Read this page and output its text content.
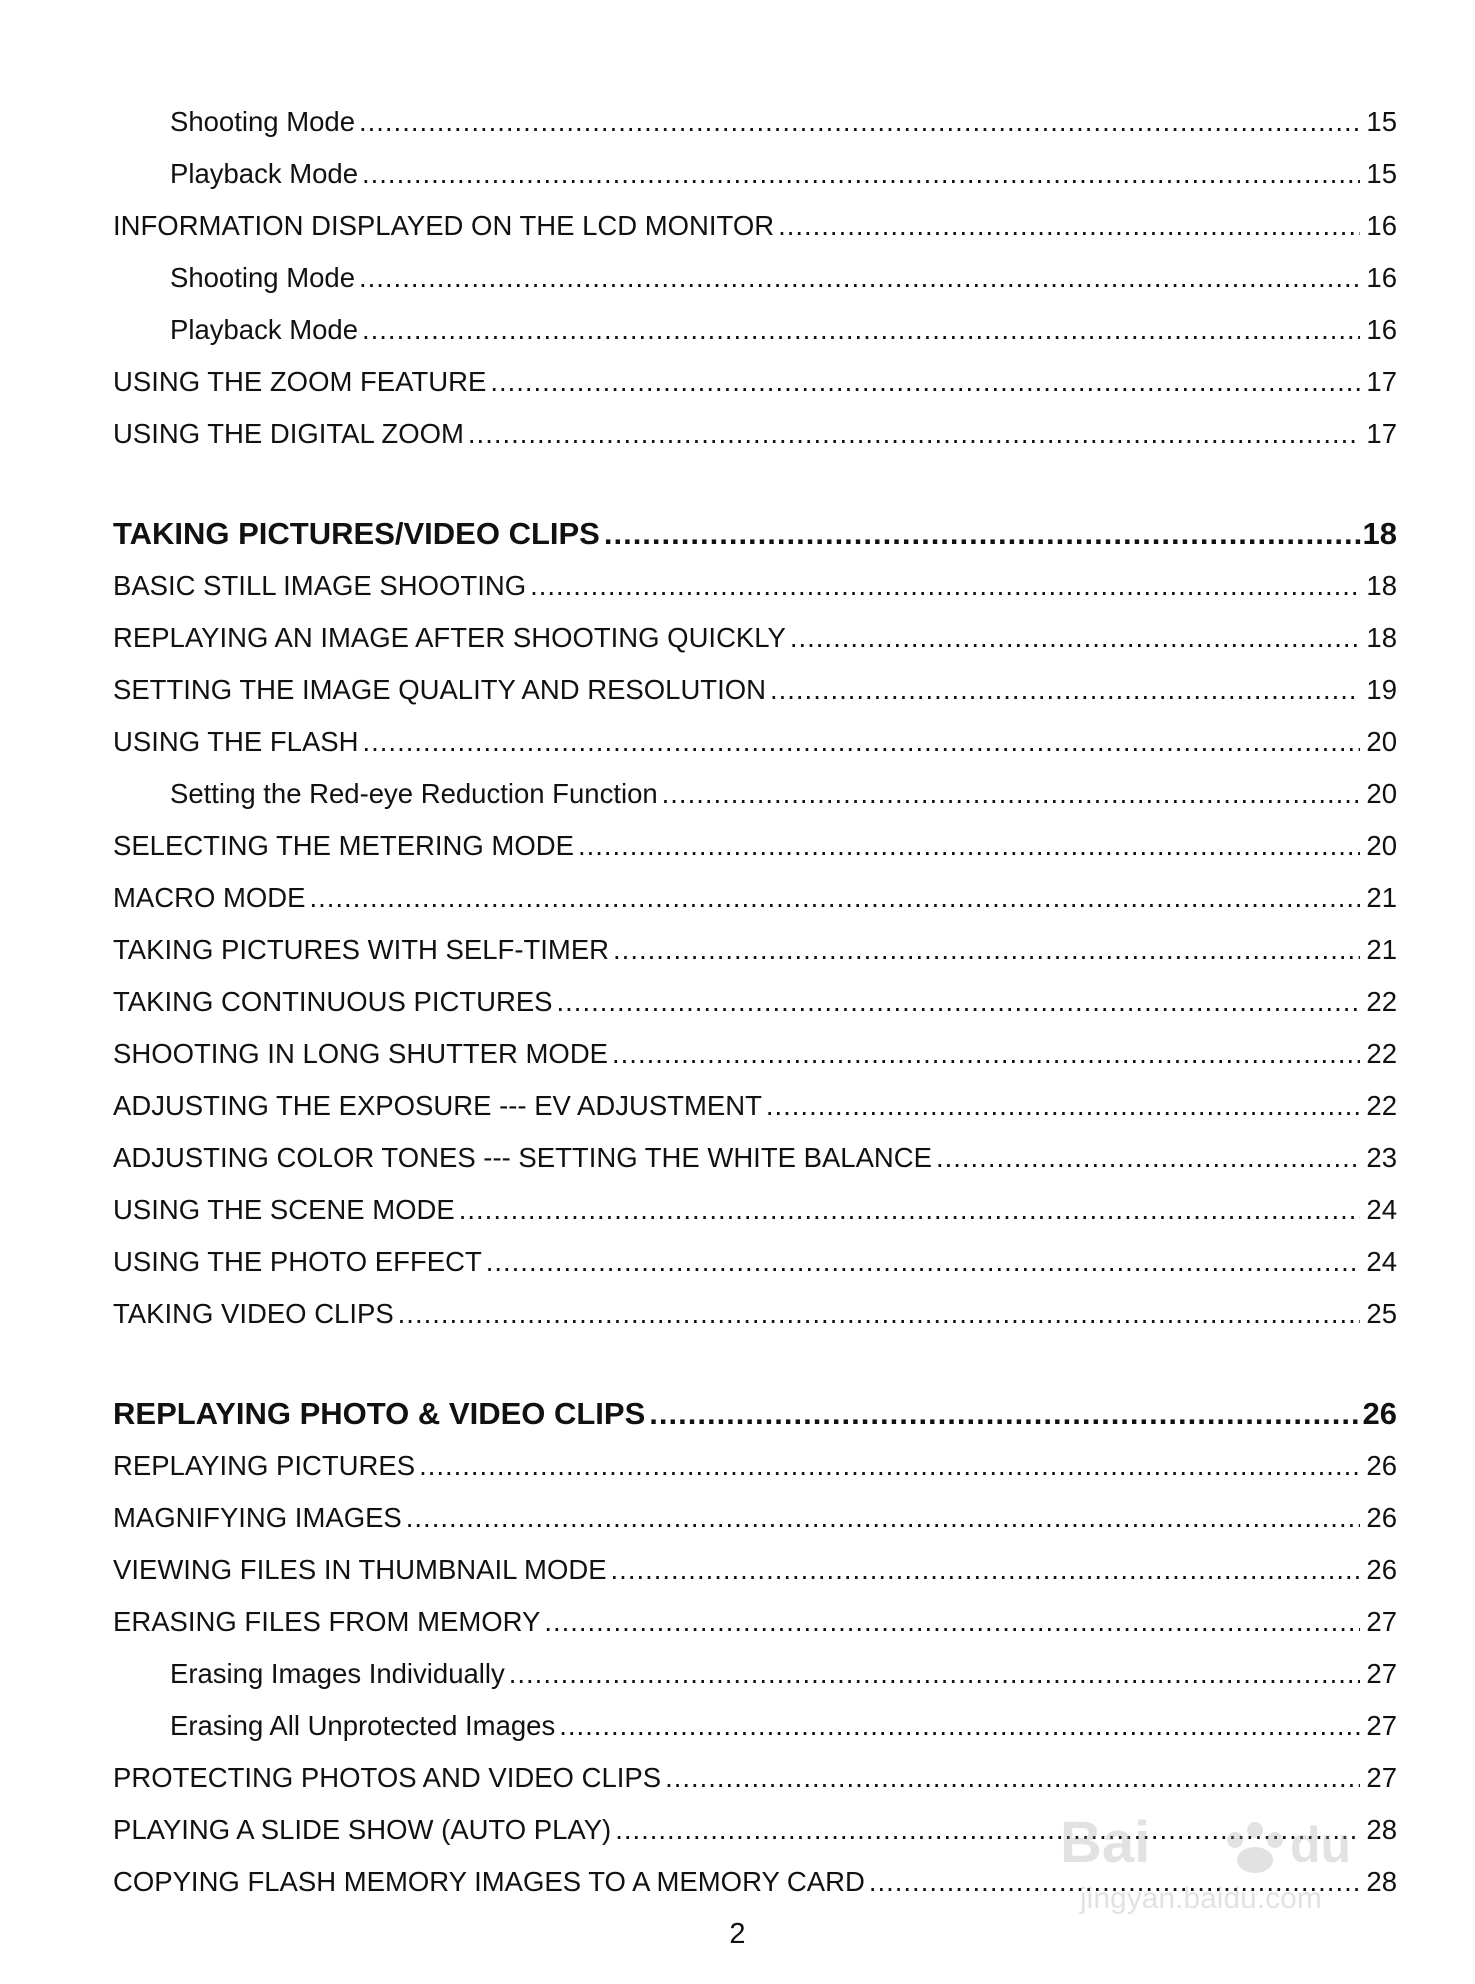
Shooting Mode .....	15
Playback Mode .....	15
INFORMATION DISPLAYED ON THE LCD MONITOR .....	16
Shooting Mode .....	16
Playback Mode .....	16
USING THE ZOOM FEATURE .....	17
USING THE DIGITAL ZOOM .....	17
TAKING PICTURES/VIDEO CLIPS .....	18
BASIC STILL IMAGE SHOOTING .....	18
REPLAYING AN IMAGE AFTER SHOOTING QUICKLY .....	18
SETTING THE IMAGE QUALITY AND RESOLUTION .....	19
USING THE FLASH .....	20
Setting the Red-eye Reduction Function .....	20
SELECTING THE METERING MODE .....	20
MACRO MODE .....	21
TAKING PICTURES WITH SELF-TIMER .....	21
TAKING CONTINUOUS PICTURES .....	22
SHOOTING IN LONG SHUTTER MODE .....	22
ADJUSTING THE EXPOSURE --- EV ADJUSTMENT .....	22
ADJUSTING COLOR TONES --- SETTING THE WHITE BALANCE .....	23
USING THE SCENE MODE .....	24
USING THE PHOTO EFFECT .....	24
TAKING VIDEO CLIPS .....	25
REPLAYING PHOTO & VIDEO CLIPS .....	26
REPLAYING PICTURES .....	26
MAGNIFYING IMAGES .....	26
VIEWING FILES IN THUMBNAIL MODE .....	26
ERASING FILES FROM MEMORY .....	27
Erasing Images Individually .....	27
Erasing All Unprotected Images .....	27
PROTECTING PHOTOS AND VIDEO CLIPS .....	27
PLAYING A SLIDE SHOW (AUTO PLAY) .....	28
COPYING FLASH MEMORY IMAGES TO A MEMORY CARD .....	28
2
Bai	du
jingyan.baidu.com
